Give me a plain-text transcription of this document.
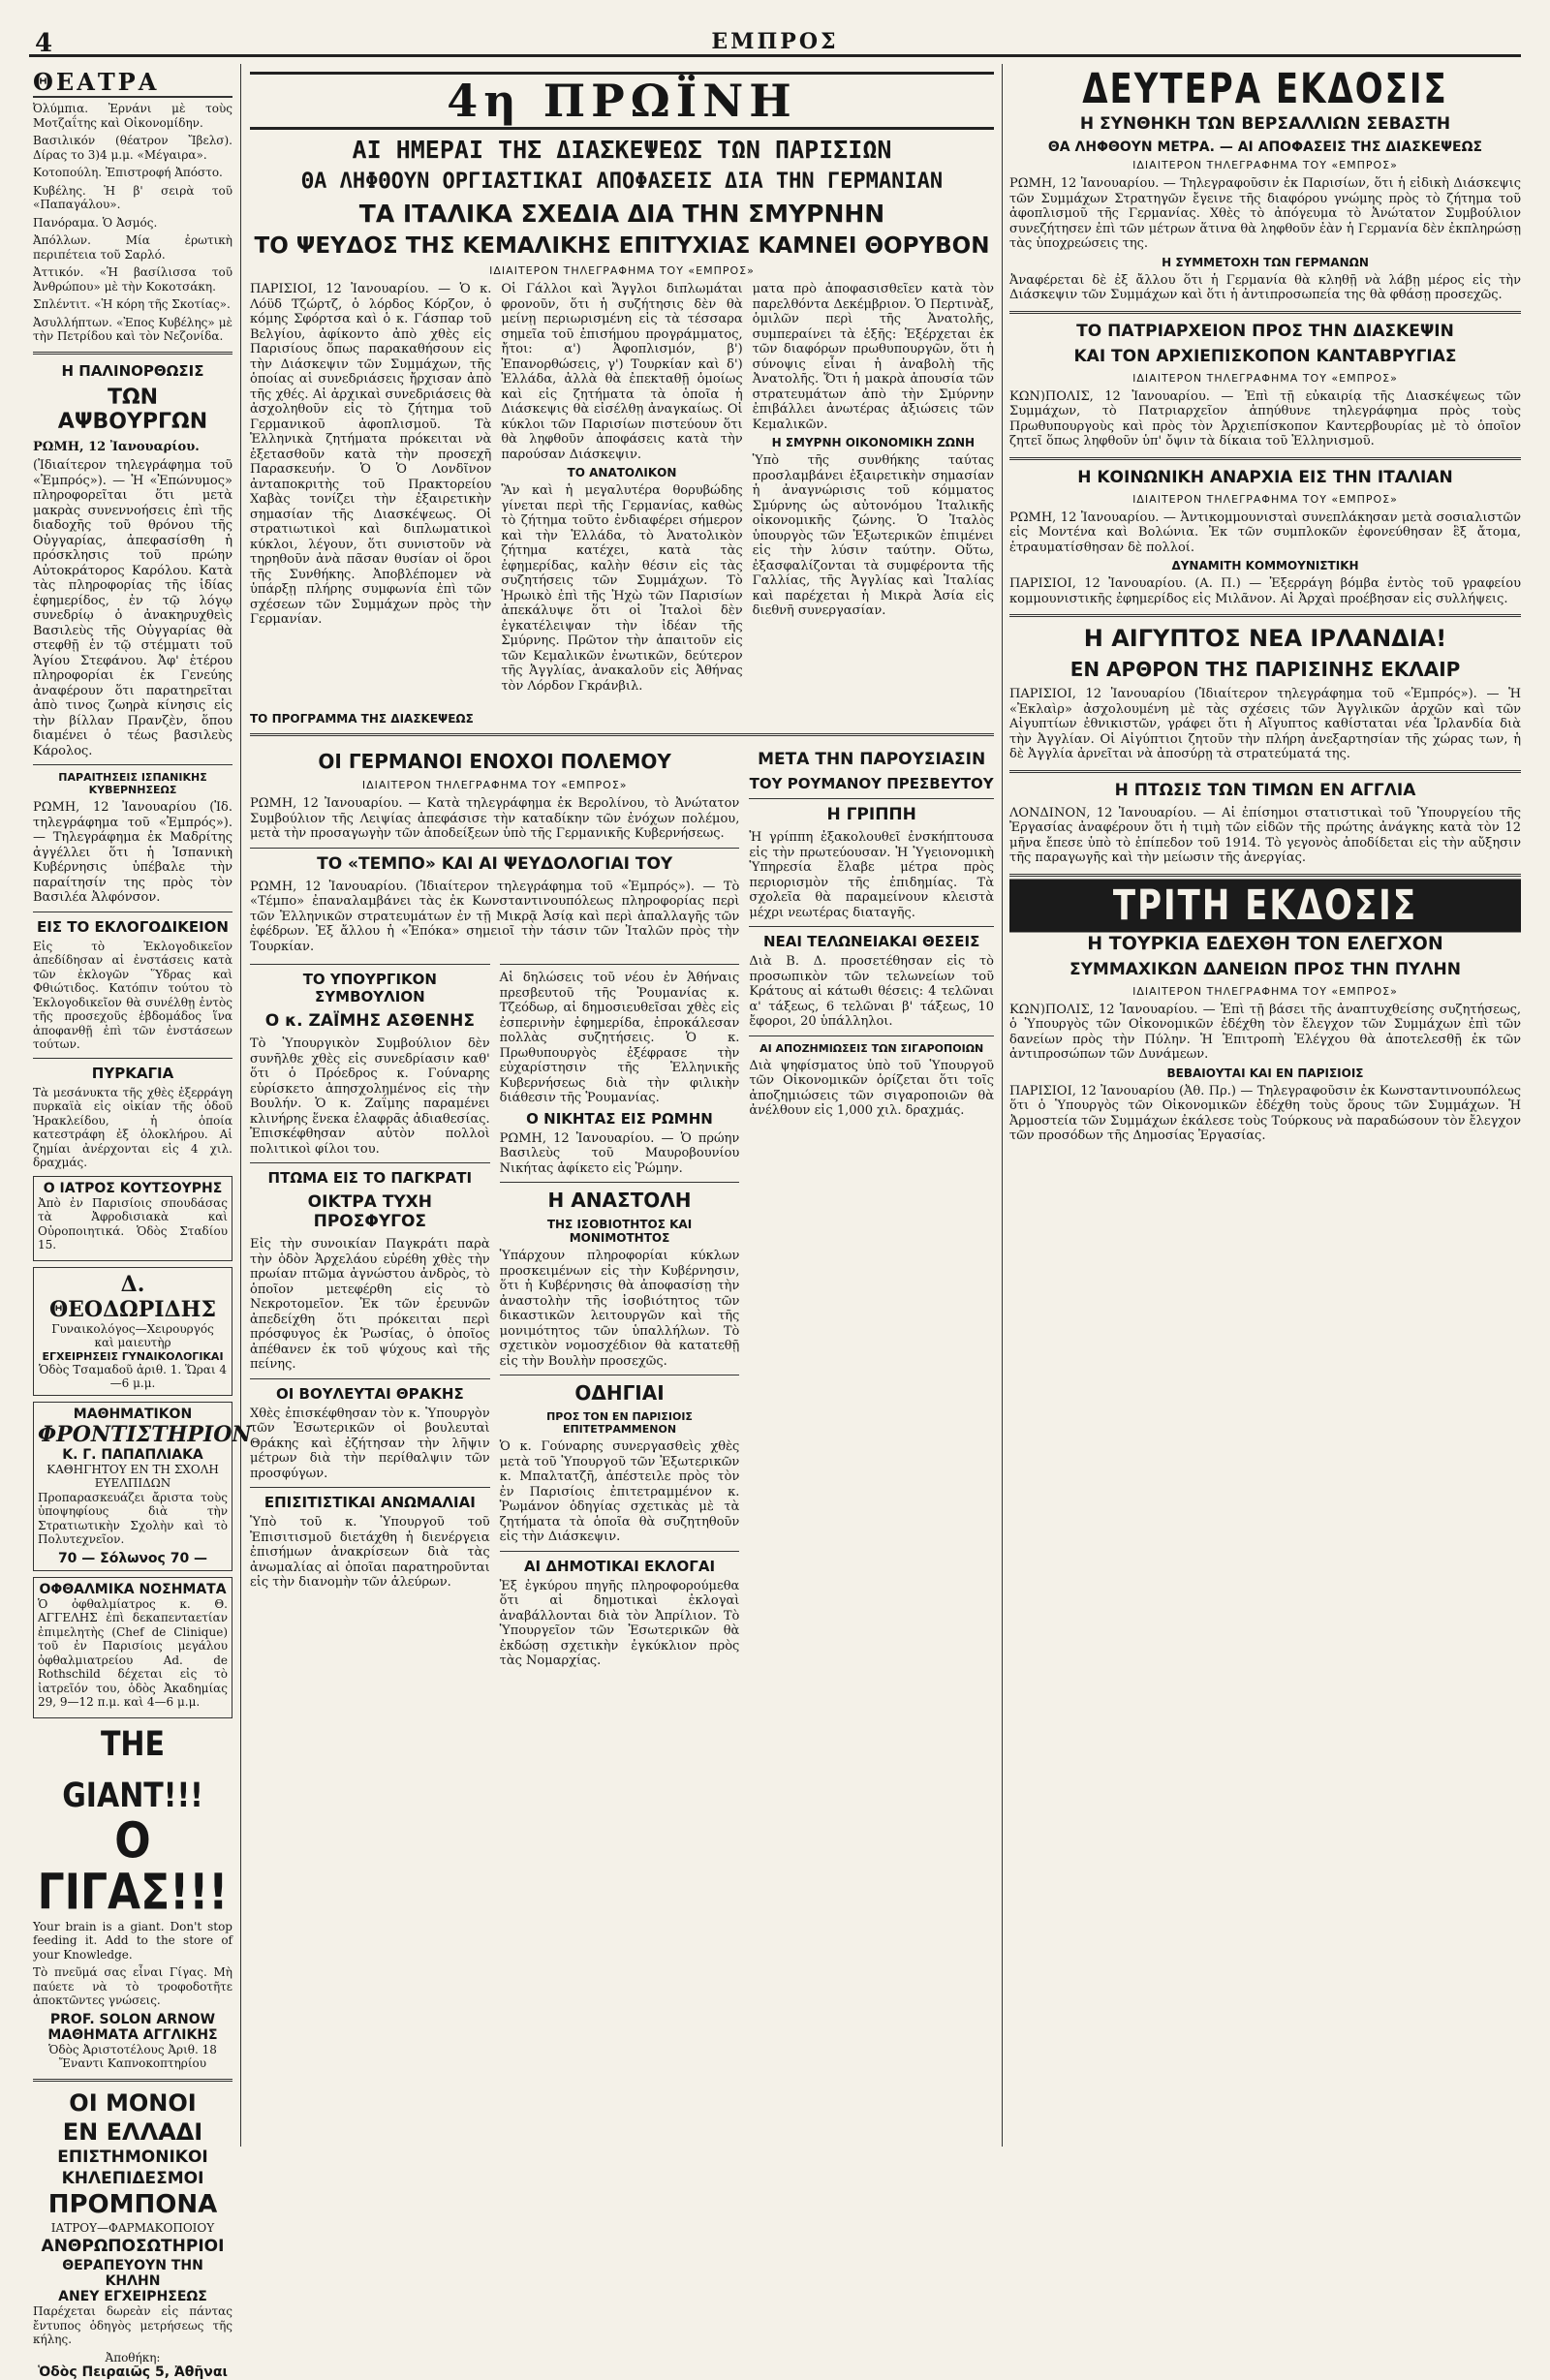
4	ΕΜΠΡΟΣ
ΘΕΑΤΡΑ

Ὀλύμπια. Ἐρνάνι μὲ τοὺς Μοτζαΐτης καὶ Οἰκονομίδην.

Βασιλικόν (θέατρον Ἴβελσ). Δίρας το 3)4 μ.μ. «Μέγαιρα».

Κοτοπούλη. Ἐπιστροφή Ἀπόστο.

Κυβέλης. Ἡ β' σειρὰ τοῦ «Παπαγάλου».

Πανόραμα. Ὁ Ἀσμός.

Ἀπόλλων. Μία ἐρωτικὴ περιπέτεια τοῦ Σαρλό.

Ἀττικόν. «Ἡ βασίλισσα τοῦ Ἀνθρώπου» μὲ τὴν Κοκοτσάκη.

Σπλέντιτ. «Ἡ κόρη τῆς Σκοτίας».

Ἀσυλλήπτων. «Ἐπος Κυβέλης» μὲ τὴν Πετρίδου καὶ τὸν Νεζονίδα.

Η ΠΑΛΙΝΟΡΘΩΣΙΣ
ΤΩΝ ΑΨΒΟΥΡΓΩΝ

ΡΩΜΗ, 12 Ἰανουαρίου.

(Ἰδιαίτερον τηλεγράφημα τοῦ «Ἐμπρός»). — Ἡ «Ἐπώνυμος» πληροφορεῖται ὅτι μετὰ μακρὰς συνεννοήσεις ἐπὶ τῆς διαδοχῆς τοῦ θρόνου τῆς Οὐγγαρίας, ἀπεφασίσθη ἡ πρόσκλησις τοῦ πρώην Αὐτοκράτορος Καρόλου. Κατὰ τὰς πληροφορίας τῆς ἰδίας ἐφημερίδος, ἐν τῷ λόγῳ συνεδρίῳ ὁ ἀνακηρυχθεὶς Βασιλεὺς τῆς Οὐγγαρίας θὰ στεφθῇ ἐν τῷ στέμματι τοῦ Ἁγίου Στεφάνου. Ἀφ' ἑτέρου πληροφορίαι ἐκ Γενεύης ἀναφέρουν ὅτι παρατηρεῖται ἀπὸ τινος ζωηρὰ κίνησις εἰς τὴν βίλλαν Πρανζὲν, ὅπου διαμένει ὁ τέως βασιλεὺς Κάρολος.

ΠΑΡΑΙΤΗΣΕΙΣ ΙΣΠΑΝΙΚΗΣ ΚΥΒΕΡΝΗΣΕΩΣ

ΡΩΜΗ, 12 Ἰανουαρίου (Ἰδ. τηλεγράφημα τοῦ «Ἐμπρός»). — Τηλεγράφημα ἐκ Μαδρίτης ἀγγέλλει ὅτι ἡ Ἰσπανικὴ Κυβέρνησις ὑπέβαλε τὴν παραίτησίν της πρὸς τὸν Βασιλέα Ἀλφόνσον.

ΕΙΣ ΤΟ ΕΚΛΟΓΟΔΙΚΕΙΟΝ

Εἰς τὸ Ἐκλογοδικεῖον ἀπεδίδησαν αἱ ἐνστάσεις κατὰ τῶν ἐκλογῶν Ὕδρας καὶ Φθιώτιδος. Κατόπιν τούτου τὸ Ἐκλογοδικεῖον θὰ συνέλθῃ ἐντὸς τῆς προσεχοῦς ἑβδομάδος ἵνα ἀποφανθῇ ἐπὶ τῶν ἐνστάσεων τούτων.

ΠΥΡΚΑΓΙΑ

Τὰ μεσάνυκτα τῆς χθὲς ἐξερράγη πυρκαϊὰ εἰς οἰκίαν τῆς ὁδοῦ Ἡρακλείδου, ἡ ὁποία κατεστράφη ἐξ ὁλοκλήρου. Αἱ ζημίαι ἀνέρχονται εἰς 4 χιλ. δραχμάς.

Ο ΙΑΤΡΟΣ ΚΟΥΤΣΟΥΡΗΣ

Ἀπὸ ἐν Παρισίοις σπουδάσας τὰ Ἀφροδισιακὰ καὶ Οὐροποιητικά. Ὁδὸς Σταδίου 15.

Δ. ΘΕΟΔΩΡΙΔΗΣ
Γυναικολόγος—Χειρουργός
καὶ μαιευτὴρ
ΕΓΧΕΙΡΗΣΕΙΣ ΓΥΝΑΙΚΟΛΟΓΙΚΑΙ
Ὁδὸς Τσαμαδοῦ ἀριθ. 1. Ὥραι 4—6 μ.μ.
ΜΑΘΗΜΑΤΙΚΟΝ
ΦΡΟΝΤΙΣΤΗΡΙΟΝ
Κ. Γ. ΠΑΠΑΠΛΙΑΚΑ
ΚΑΘΗΓΗΤΟΥ ΕΝ ΤΗ ΣΧΟΛΗ ΕΥΕΛΠΙΔΩΝ

Προπαρασκευάζει ἄριστα τοὺς ὑποψηφίους διὰ τὴν Στρατιωτικὴν Σχολὴν καὶ τὸ Πολυτεχνεῖον.

70 — Σόλωνος 70 —
ΟΦΘΑΛΜΙΚΑ ΝΟΣΗΜΑΤΑ

Ὁ ὀφθαλμίατρος κ. Θ. ΑΓΓΕΛΗΣ ἐπὶ δεκαπενταετίαν ἐπιμελητὴς (Chef de Clinique) τοῦ ἐν Παρισίοις μεγάλου ὀφθαλμιατρείου Ad. de Rothschild δέχεται εἰς τὸ ἰατρεῖόν του, ὁδὸς Ἀκαδημίας 29, 9—12 π.μ. καὶ 4—6 μ.μ.

THE GIANT!!!
Ο ΓΙΓΑΣ!!!

Your brain is a giant. Don't stop feeding it. Add to the store of your Knowledge.

Τὸ πνεῦμά σας εἶναι Γίγας. Μὴ παύετε νὰ τὸ τροφοδοτῆτε ἀποκτῶντες γνώσεις.

PROF. SOLON ARNOW
ΜΑΘΗΜΑΤΑ ΑΓΓΛΙΚΗΣ
Ὁδὸς Ἀριστοτέλους Ἀριθ. 18
Ἔναντι Καπνοκοπτηρίου
ΟΙ ΜΟΝΟΙ
ΕΝ ΕΛΛΑΔΙ
ΕΠΙΣΤΗΜΟΝΙΚΟΙ
ΚΗΛΕΠΙΔΕΣΜΟΙ
ΠΡΟΜΠΟΝΑ
ΙΑΤΡΟΥ—ΦΑΡΜΑΚΟΠΟΙΟΥ
ΑΝΘΡΩΠΟΣΩΤΗΡΙΟΙ
ΘΕΡΑΠΕΥΟΥΝ ΤΗΝ ΚΗΛΗΝ
ΑΝΕΥ ΕΓΧΕΙΡΗΣΕΩΣ

Παρέχεται δωρεὰν εἰς πάντας ἔντυπος ὁδηγὸς μετρήσεως τῆς κήλης.

Ἀποθήκη:
Ὁδὸς Πειραιῶς 5, Ἀθῆναι
4η ΠΡΩΪΝΗ
ΑΙ ΗΜΕΡΑΙ ΤΗΣ ΔΙΑΣΚΕΨΕΩΣ ΤΩΝ ΠΑΡΙΣΙΩΝ
ΘΑ ΛΗΦΘΟΥΝ ΟΡΓΙΑΣΤΙΚΑΙ ΑΠΟΦΑΣΕΙΣ ΔΙΑ ΤΗΝ ΓΕΡΜΑΝΙΑΝ
ΤΑ ΙΤΑΛΙΚΑ ΣΧΕΔΙΑ ΔΙΑ ΤΗΝ ΣΜΥΡΝΗΝ
ΤΟ ΨΕΥΔΟΣ ΤΗΣ ΚΕΜΑΛΙΚΗΣ ΕΠΙΤΥΧΙΑΣ ΚΑΜΝΕΙ ΘΟΡΥΒΟΝ
ΙΔΙΑΙΤΕΡΟΝ ΤΗΛΕΓΡΑΦΗΜΑ ΤΟΥ «ΕΜΠΡΟΣ»

ΠΑΡΙΣΙΟΙ, 12 Ἰανουαρίου. — Ὁ κ. Λόϋδ Τζώρτζ, ὁ λόρδος Κόρζον, ὁ κόμης Σφόρτσα καὶ ὁ κ. Γάσπαρ τοῦ Βελγίου, ἀφίκοντο ἀπὸ χθὲς εἰς Παρισίους ὅπως παρακαθήσουν εἰς τὴν Διάσκεψιν τῶν Συμμάχων, τῆς ὁποίας αἱ συνεδριάσεις ἤρχισαν ἀπὸ τῆς χθές. Αἱ ἀρχικαὶ συνεδριάσεις θὰ ἀσχοληθοῦν εἰς τὸ ζήτημα τοῦ Γερμανικοῦ ἀφοπλισμοῦ. Τὰ Ἑλληνικὰ ζητήματα πρόκειται νὰ ἐξετασθοῦν κατὰ τὴν προσεχῆ Παρασκευήν. Ὁ Ὁ Λονδῖνον ἀνταποκριτὴς τοῦ Πρακτορείου Χαβὰς τονίζει τὴν ἐξαιρετικὴν σημασίαν τῆς Διασκέψεως. Οἱ στρατιωτικοὶ καὶ διπλωματικοὶ κύκλοι, λέγουν, ὅτι συνιστοῦν νὰ τηρηθοῦν ἀνὰ πᾶσαν θυσίαν οἱ ὅροι τῆς Συνθήκης. Ἀποβλέπομεν νὰ ὑπάρξῃ πλήρης συμφωνία ἐπὶ τῶν σχέσεων τῶν Συμμάχων πρὸς τὴν Γερμανίαν.

Οἱ Γάλλοι καὶ Ἄγγλοι διπλωμάται φρονοῦν, ὅτι ἡ συζήτησις δὲν θὰ μείνῃ περιωρισμένη εἰς τὰ τέσσαρα σημεῖα τοῦ ἐπισήμου προγράμματος, ἤτοι: α') Ἀφοπλισμόν, β') Ἐπανορθώσεις, γ') Τουρκίαν καὶ δ') Ἑλλάδα, ἀλλὰ θὰ ἐπεκταθῇ ὁμοίως καὶ εἰς ζητήματα τὰ ὁποῖα ἡ Διάσκεψις θὰ εἰσέλθῃ ἀναγκαίως. Οἱ κύκλοι τῶν Παρισίων πιστεύουν ὅτι θὰ ληφθοῦν ἀποφάσεις κατὰ τὴν παρούσαν Διάσκεψιν.

ΤΟ ΑΝΑΤΟΛΙΚΟΝ

Ἂν καὶ ἡ μεγαλυτέρα θορυβώδης γίνεται περὶ τῆς Γερμανίας, καθὼς τὸ ζήτημα τοῦτο ἐνδιαφέρει σήμερον καὶ τὴν Ἑλλάδα, τὸ Ἀνατολικὸν ζήτημα κατέχει, κατὰ τὰς ἐφημερίδας, καλὴν θέσιν εἰς τὰς συζητήσεις τῶν Συμμάχων. Τὸ Ἠρωικὸ ἐπὶ τῆς Ἠχὼ τῶν Παρισίων ἀπεκάλυψε ὅτι οἱ Ἰταλοὶ δὲν ἐγκατέλειψαν τὴν ἰδέαν τῆς Σμύρνης. Πρῶτον τὴν ἀπαιτοῦν εἰς τῶν Κεμαλικῶν ἐνωτικῶν, δεύτερον τῆς Ἀγγλίας, ἀνακαλοῦν εἰς Ἀθήνας τὸν Λόρδον Γκράνβιλ.

ματα πρὸ ἀποφασισθεῖεν κατὰ τὸν παρελθόντα Δεκέμβριον. Ὁ Περτινὰξ, ὁμιλῶν περὶ τῆς Ἀνατολῆς, συμπεραίνει τὰ ἑξῆς: Ἐξέρχεται ἐκ τῶν διαφόρων πρωθυπουργῶν, ὅτι ἡ σύνοψις εἶναι ἡ ἀναβολὴ τῆς Ἀνατολῆς. Ὅτι ἡ μακρὰ ἀπουσία τῶν στρατευμάτων ἀπὸ τὴν Σμύρνην ἐπιβάλλει ἀνωτέρας ἀξιώσεις τῶν Κεμαλικῶν.

Η ΣΜΥΡΝΗ ΟΙΚΟΝΟΜΙΚΗ ΖΩΝΗ

Ὑπὸ τῆς συνθήκης ταύτας προσλαμβάνει ἐξαιρετικὴν σημασίαν ἡ ἀναγνώρισις τοῦ κόμματος Σμύρνης ὡς αὐτονόμου Ἰταλικῆς οἰκονομικῆς ζώνης. Ὁ Ἰταλὸς ὑπουργὸς τῶν Ἐξωτερικῶν ἐπιμένει εἰς τὴν λύσιν ταύτην. Οὕτω, ἐξασφαλίζονται τὰ συμφέροντα τῆς Γαλλίας, τῆς Ἀγγλίας καὶ Ἰταλίας καὶ παρέχεται ἡ Μικρὰ Ἀσία εἰς διεθνῆ συνεργασίαν.

ΤΟ ΠΡΟΓΡΑΜΜΑ ΤΗΣ ΔΙΑΣΚΕΨΕΩΣ
ΟΙ ΓΕΡΜΑΝΟΙ ΕΝΟΧΟΙ ΠΟΛΕΜΟΥ
ΙΔΙΑΙΤΕΡΟΝ ΤΗΛΕΓΡΑΦΗΜΑ ΤΟΥ «ΕΜΠΡΟΣ»

ΡΩΜΗ, 12 Ἰανουαρίου. — Κατὰ τηλεγράφημα ἐκ Βερολίνου, τὸ Ἀνώτατον Συμβούλιον τῆς Λειψίας ἀπεφάσισε τὴν καταδίκην τῶν ἐνόχων πολέμου, μετὰ τὴν προσαγωγὴν τῶν ἀποδείξεων ὑπὸ τῆς Γερμανικῆς Κυβερνήσεως.

ΤΟ «ΤΕΜΠΟ» ΚΑΙ ΑΙ ΨΕΥΔΟΛΟΓΙΑΙ ΤΟΥ

ΡΩΜΗ, 12 Ἰανουαρίου. (Ἰδιαίτερον τηλεγράφημα τοῦ «Ἐμπρός»). — Τὸ «Τέμπο» ἐπαναλαμβάνει τὰς ἐκ Κωνσταντινουπόλεως πληροφορίας περὶ τῶν Ἑλληνικῶν στρατευμάτων ἐν τῇ Μικρᾷ Ἀσίᾳ καὶ περὶ ἀπαλλαγῆς τῶν ἐφέδρων. Ἐξ ἄλλου ἡ «Ἐπόκα» σημειοῖ τὴν τάσιν τῶν Ἰταλῶν πρὸς τὴν Τουρκίαν.

ΤΟ ΥΠΟΥΡΓΙΚΟΝ ΣΥΜΒΟΥΛΙΟΝ
Ο κ. ΖΑΪΜΗΣ ΑΣΘΕΝΗΣ

Τὸ Ὑπουργικὸν Συμβούλιον δὲν συνῆλθε χθὲς εἰς συνεδρίασιν καθ' ὅτι ὁ Πρόεδρος κ. Γούναρης εὑρίσκετο ἀπησχολημένος εἰς τὴν Βουλήν. Ὁ κ. Ζαΐμης παραμένει κλινήρης ἕνεκα ἐλαφρᾶς ἀδιαθεσίας. Ἐπισκέφθησαν αὐτὸν πολλοὶ πολιτικοὶ φίλοι του.

ΠΤΩΜΑ ΕΙΣ ΤΟ ΠΑΓΚΡΑΤΙ
ΟΙΚΤΡΑ ΤΥΧΗ ΠΡΟΣΦΥΓΟΣ

Εἰς τὴν συνοικίαν Παγκράτι παρὰ τὴν ὁδὸν Ἀρχελάου εὑρέθη χθὲς τὴν πρωίαν πτῶμα ἀγνώστου ἀνδρὸς, τὸ ὁποῖον μετεφέρθη εἰς τὸ Νεκροτομεῖον. Ἐκ τῶν ἐρευνῶν ἀπεδείχθη ὅτι πρόκειται περὶ πρόσφυγος ἐκ Ῥωσίας, ὁ ὁποῖος ἀπέθανεν ἐκ τοῦ ψύχους καὶ τῆς πείνης.

ΟΙ ΒΟΥΛΕΥΤΑΙ ΘΡΑΚΗΣ

Χθὲς ἐπισκέφθησαν τὸν κ. Ὑπουργὸν τῶν Ἐσωτερικῶν οἱ βουλευταὶ Θράκης καὶ ἐζήτησαν τὴν λῆψιν μέτρων διὰ τὴν περίθαλψιν τῶν προσφύγων.

ΕΠΙΣΙΤΙΣΤΙΚΑΙ ΑΝΩΜΑΛΙΑΙ

Ὑπὸ τοῦ κ. Ὑπουργοῦ τοῦ Ἐπισιτισμοῦ διετάχθη ἡ διενέργεια ἐπισήμων ἀνακρίσεων διὰ τὰς ἀνωμαλίας αἱ ὁποῖαι παρατηροῦνται εἰς τὴν διανομὴν τῶν ἀλεύρων.

Αἱ δηλώσεις τοῦ νέου ἐν Ἀθήναις πρεσβευτοῦ τῆς Ῥουμανίας κ. Τζεόδωρ, αἱ δημοσιευθεῖσαι χθὲς εἰς ἐσπερινὴν ἐφημερίδα, ἐπροκάλεσαν πολλὰς συζητήσεις. Ὁ κ. Πρωθυπουργὸς ἐξέφρασε τὴν εὐχαρίστησιν τῆς Ἑλληνικῆς Κυβερνήσεως διὰ τὴν φιλικὴν διάθεσιν τῆς Ῥουμανίας.

Ο ΝΙΚΗΤΑΣ ΕΙΣ ΡΩΜΗΝ

ΡΩΜΗ, 12 Ἰανουαρίου. — Ὁ πρώην Βασιλεὺς τοῦ Μαυροβουνίου Νικήτας ἀφίκετο εἰς Ῥώμην.

Η ΑΝΑΣΤΟΛΗ
ΤΗΣ ΙΣΟΒΙΟΤΗΤΟΣ ΚΑΙ ΜΟΝΙΜΟΤΗΤΟΣ

Ὑπάρχουν πληροφορίαι κύκλων προσκειμένων εἰς τὴν Κυβέρνησιν, ὅτι ἡ Κυβέρνησις θὰ ἀποφασίσῃ τὴν ἀναστολὴν τῆς ἰσοβιότητος τῶν δικαστικῶν λειτουργῶν καὶ τῆς μονιμότητος τῶν ὑπαλλήλων. Τὸ σχετικὸν νομοσχέδιον θὰ κατατεθῇ εἰς τὴν Βουλὴν προσεχῶς.

ΟΔΗΓΙΑΙ
ΠΡΟΣ ΤΟΝ ΕΝ ΠΑΡΙΣΙΟΙΣ ΕΠΙΤΕΤΡΑΜΜΕΝΟΝ

Ὁ κ. Γούναρης συνεργασθεὶς χθὲς μετὰ τοῦ Ὑπουργοῦ τῶν Ἐξωτερικῶν κ. Μπαλτατζῆ, ἀπέστειλε πρὸς τὸν ἐν Παρισίοις ἐπιτετραμμένον κ. Ῥωμάνον ὁδηγίας σχετικὰς μὲ τὰ ζητήματα τὰ ὁποῖα θὰ συζητηθοῦν εἰς τὴν Διάσκεψιν.

ΑΙ ΔΗΜΟΤΙΚΑΙ ΕΚΛΟΓΑΙ

Ἐξ ἐγκύρου πηγῆς πληροφορούμεθα ὅτι αἱ δημοτικαὶ ἐκλογαὶ ἀναβάλλονται διὰ τὸν Ἀπρίλιον. Τὸ Ὑπουργεῖον τῶν Ἐσωτερικῶν θὰ ἐκδώσῃ σχετικὴν ἐγκύκλιον πρὸς τὰς Νομαρχίας.

ΜΕΤΑ ΤΗΝ ΠΑΡΟΥΣΙΑΣΙΝ
ΤΟΥ ΡΟΥΜΑΝΟΥ ΠΡΕΣΒΕΥΤΟΥ
Η ΓΡΙΠΠΗ

Ἡ γρίππη ἐξακολουθεῖ ἐνσκήπτουσα εἰς τὴν πρωτεύουσαν. Ἡ Ὑγειονομικὴ Ὑπηρεσία ἔλαβε μέτρα πρὸς περιορισμὸν τῆς ἐπιδημίας. Τὰ σχολεῖα θὰ παραμείνουν κλειστὰ μέχρι νεωτέρας διαταγῆς.

ΝΕΑΙ ΤΕΛΩΝΕΙΑΚΑΙ ΘΕΣΕΙΣ

Διὰ Β. Δ. προσετέθησαν εἰς τὸ προσωπικὸν τῶν τελωνείων τοῦ Κράτους αἱ κάτωθι θέσεις: 4 τελῶναι α' τάξεως, 6 τελῶναι β' τάξεως, 10 ἔφοροι, 20 ὑπάλληλοι.

ΑΙ ΑΠΟΖΗΜΙΩΣΕΙΣ ΤΩΝ ΣΙΓΑΡΟΠΟΙΩΝ

Διὰ ψηφίσματος ὑπὸ τοῦ Ὑπουργοῦ τῶν Οἰκονομικῶν ὁρίζεται ὅτι τοῖς ἀποζημιώσεις τῶν σιγαροποιῶν θὰ ἀνέλθουν εἰς 1,000 χιλ. δραχμάς.

ΔΕΥΤΕΡΑ ΕΚΔΟΣΙΣ
Η ΣΥΝΘΗΚΗ ΤΩΝ ΒΕΡΣΑΛΛΙΩΝ ΣΕΒΑΣΤΗ
ΘΑ ΛΗΦΘΟΥΝ ΜΕΤΡΑ. — ΑΙ ΑΠΟΦΑΣΕΙΣ ΤΗΣ ΔΙΑΣΚΕΨΕΩΣ
ΙΔΙΑΙΤΕΡΟΝ ΤΗΛΕΓΡΑΦΗΜΑ ΤΟΥ «ΕΜΠΡΟΣ»

ΡΩΜΗ, 12 Ἰανουαρίου. — Τηλεγραφοῦσιν ἐκ Παρισίων, ὅτι ἡ εἰδικὴ Διάσκεψις τῶν Συμμάχων Στρατηγῶν ἔγεινε τῆς διαφόρου γνώμης πρὸς τὸ ζήτημα τοῦ ἀφοπλισμοῦ τῆς Γερμανίας. Χθὲς τὸ ἀπόγευμα τὸ Ἀνώτατον Συμβούλιον συνεζήτησεν ἐπὶ τῶν μέτρων ἅτινα θὰ ληφθοῦν ἐὰν ἡ Γερμανία δὲν ἐκπληρώσῃ τὰς ὑποχρεώσεις της.

Η ΣΥΜΜΕΤΟΧΗ ΤΩΝ ΓΕΡΜΑΝΩΝ

Ἀναφέρεται δὲ ἐξ ἄλλου ὅτι ἡ Γερμανία θὰ κληθῇ νὰ λάβῃ μέρος εἰς τὴν Διάσκεψιν τῶν Συμμάχων καὶ ὅτι ἡ ἀντιπροσωπεία της θὰ φθάσῃ προσεχῶς.

ΤΟ ΠΑΤΡΙΑΡΧΕΙΟΝ ΠΡΟΣ ΤΗΝ ΔΙΑΣΚΕΨΙΝ
ΚΑΙ ΤΟΝ ΑΡΧΙΕΠΙΣΚΟΠΟΝ ΚΑΝΤΑΒΡΥΓΙΑΣ
ΙΔΙΑΙΤΕΡΟΝ ΤΗΛΕΓΡΑΦΗΜΑ ΤΟΥ «ΕΜΠΡΟΣ»

ΚΩΝ)ΠΟΛΙΣ, 12 Ἰανουαρίου. — Ἐπὶ τῇ εὐκαιρίᾳ τῆς Διασκέψεως τῶν Συμμάχων, τὸ Πατριαρχεῖον ἀπηύθυνε τηλεγράφημα πρὸς τοὺς Πρωθυπουργοὺς καὶ πρὸς τὸν Ἀρχιεπίσκοπον Καντερβουρίας μὲ τὸ ὁποῖον ζητεῖ ὅπως ληφθοῦν ὑπ' ὄψιν τὰ δίκαια τοῦ Ἑλληνισμοῦ.

Η ΚΟΙΝΩΝΙΚΗ ΑΝΑΡΧΙΑ ΕΙΣ ΤΗΝ ΙΤΑΛΙΑΝ
ΙΔΙΑΙΤΕΡΟΝ ΤΗΛΕΓΡΑΦΗΜΑ ΤΟΥ «ΕΜΠΡΟΣ»

ΡΩΜΗ, 12 Ἰανουαρίου. — Ἀντικομμουνισταὶ συνεπλάκησαν μετὰ σοσιαλιστῶν εἰς Μοντένα καὶ Βολώνια. Ἐκ τῶν συμπλοκῶν ἐφονεύθησαν ἓξ ἄτομα, ἐτραυματίσθησαν δὲ πολλοί.

ΔΥΝΑΜΙΤΗ ΚΟΜΜΟΥΝΙΣΤΙΚΗ

ΠΑΡΙΣΙΟΙ, 12 Ἰανουαρίου. (Α. Π.) — Ἐξερράγη βόμβα ἐντὸς τοῦ γραφείου κομμουνιστικῆς ἐφημερίδος εἰς Μιλᾶνον. Αἱ Ἀρχαὶ προέβησαν εἰς συλλήψεις.

Η ΑΙΓΥΠΤΟΣ ΝΕΑ ΙΡΛΑΝΔΙΑ!
ΕΝ ΑΡΘΡΟΝ ΤΗΣ ΠΑΡΙΣΙΝΗΣ ΕΚΛΑΙΡ

ΠΑΡΙΣΙΟΙ, 12 Ἰανουαρίου (Ἰδιαίτερον τηλεγράφημα τοῦ «Ἐμπρός»). — Ἡ «Ἐκλαὶρ» ἀσχολουμένη μὲ τὰς σχέσεις τῶν Ἀγγλικῶν ἀρχῶν καὶ τῶν Αἰγυπτίων ἐθνικιστῶν, γράφει ὅτι ἡ Αἴγυπτος καθίσταται νέα Ἰρλανδία διὰ τὴν Ἀγγλίαν. Οἱ Αἰγύπτιοι ζητοῦν τὴν πλήρη ἀνεξαρτησίαν τῆς χώρας των, ἡ δὲ Ἀγγλία ἀρνεῖται νὰ ἀποσύρῃ τὰ στρατεύματά της.

Η ΠΤΩΣΙΣ ΤΩΝ ΤΙΜΩΝ ΕΝ ΑΓΓΛΙΑ

ΛΟΝΔΙΝΟΝ, 12 Ἰανουαρίου. — Αἱ ἐπίσημοι στατιστικαὶ τοῦ Ὑπουργείου τῆς Ἐργασίας ἀναφέρουν ὅτι ἡ τιμὴ τῶν εἰδῶν τῆς πρώτης ἀνάγκης κατὰ τὸν 12 μῆνα ἔπεσε ὑπὸ τὸ ἐπίπεδον τοῦ 1914. Τὸ γεγονὸς ἀποδίδεται εἰς τὴν αὔξησιν τῆς παραγωγῆς καὶ τὴν μείωσιν τῆς ἀνεργίας.

ΤΡΙΤΗ ΕΚΔΟΣΙΣ
Η ΤΟΥΡΚΙΑ ΕΔΕΧΘΗ ΤΟΝ ΕΛΕΓΧΟΝ
ΣΥΜΜΑΧΙΚΩΝ ΔΑΝΕΙΩΝ ΠΡΟΣ ΤΗΝ ΠΥΛΗΝ
ΙΔΙΑΙΤΕΡΟΝ ΤΗΛΕΓΡΑΦΗΜΑ ΤΟΥ «ΕΜΠΡΟΣ»

ΚΩΝ)ΠΟΛΙΣ, 12 Ἰανουαρίου. — Ἐπὶ τῇ βάσει τῆς ἀναπτυχθείσης συζητήσεως, ὁ Ὑπουργὸς τῶν Οἰκονομικῶν ἐδέχθη τὸν ἔλεγχον τῶν Συμμάχων ἐπὶ τῶν δανείων πρὸς τὴν Πύλην. Ἡ Ἐπιτροπὴ Ἐλέγχου θὰ ἀποτελεσθῇ ἐκ τῶν ἀντιπροσώπων τῶν Δυνάμεων.

ΒΕΒΑΙΟΥΤΑΙ ΚΑΙ ΕΝ ΠΑΡΙΣΙΟΙΣ

ΠΑΡΙΣΙΟΙ, 12 Ἰανουαρίου (Ἀθ. Πρ.) — Τηλεγραφοῦσιν ἐκ Κωνσταντινουπόλεως ὅτι ὁ Ὑπουργὸς τῶν Οἰκονομικῶν ἐδέχθη τοὺς ὅρους τῶν Συμμάχων. Ἡ Ἀρμοστεία τῶν Συμμάχων ἐκάλεσε τοὺς Τούρκους νὰ παραδώσουν τὸν ἔλεγχον τῶν προσόδων τῆς Δημοσίας Ἐργασίας.
